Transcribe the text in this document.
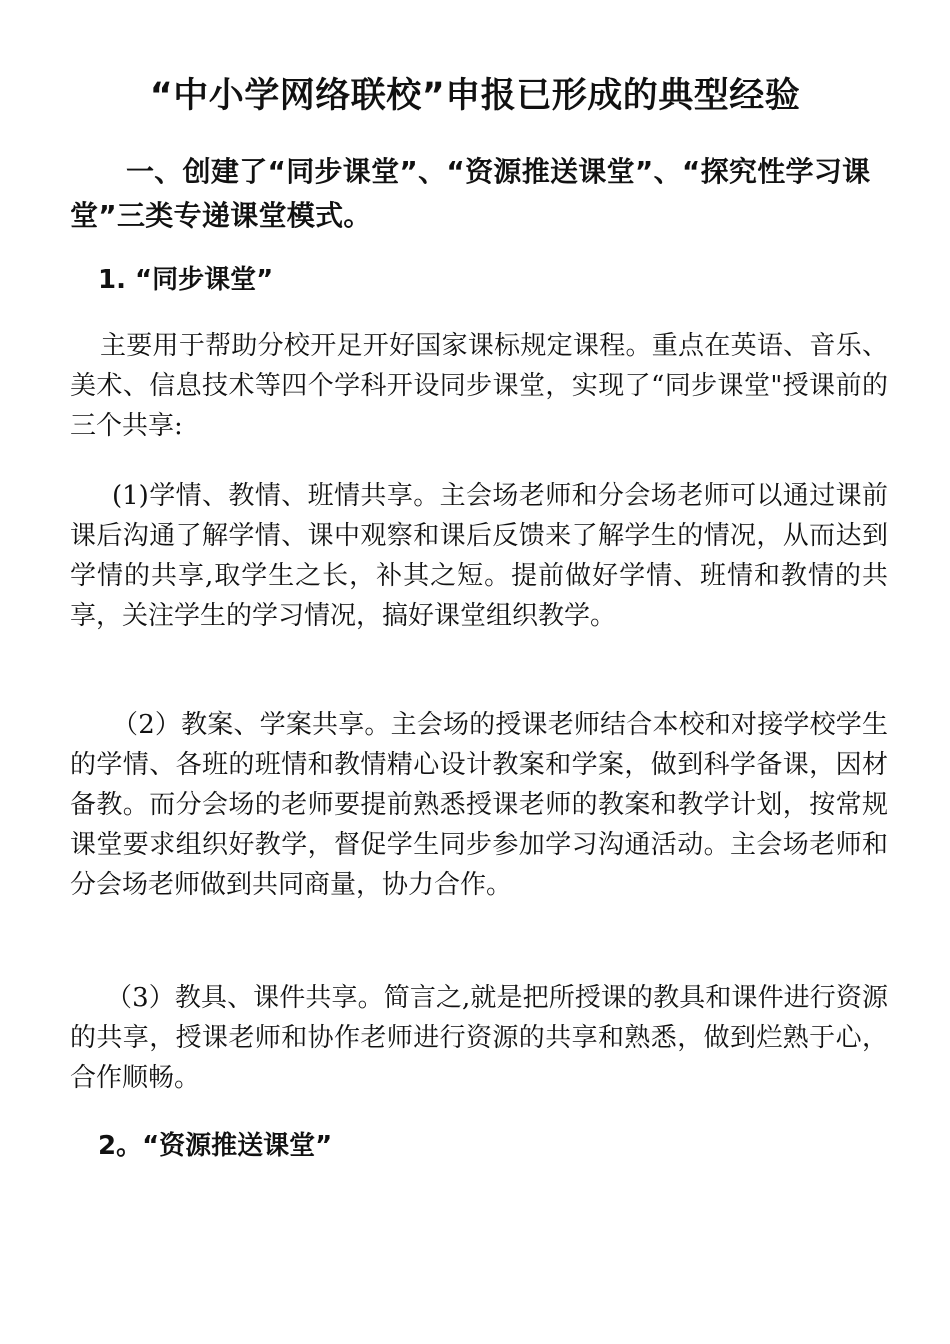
“中小学网络联校”申报已形成的典型经验
一、创建了“同步课堂”、“资源推送课堂”、“探究性学习课堂”三类专递课堂模式。
1. “同步课堂”
主要用于帮助分校开足开好国家课标规定课程。重点在英语、音乐、美术、信息技术等四个学科开设同步课堂，实现了“同步课堂"授课前的三个共享:
(1)学情、教情、班情共享。主会场老师和分会场老师可以通过课前课后沟通了解学情、课中观察和课后反馈来了解学生的情况，从而达到学情的共享,取学生之长，补其之短。提前做好学情、班情和教情的共享，关注学生的学习情况，搞好课堂组织教学。
（2）教案、学案共享。主会场的授课老师结合本校和对接学校学生的学情、各班的班情和教情精心设计教案和学案，做到科学备课，因材备教。而分会场的老师要提前熟悉授课老师的教案和教学计划，按常规课堂要求组织好教学，督促学生同步参加学习沟通活动。主会场老师和分会场老师做到共同商量，协力合作。
（3）教具、课件共享。简言之,就是把所授课的教具和课件进行资源的共享，授课老师和协作老师进行资源的共享和熟悉，做到烂熟于心，合作顺畅。
2。“资源推送课堂”
